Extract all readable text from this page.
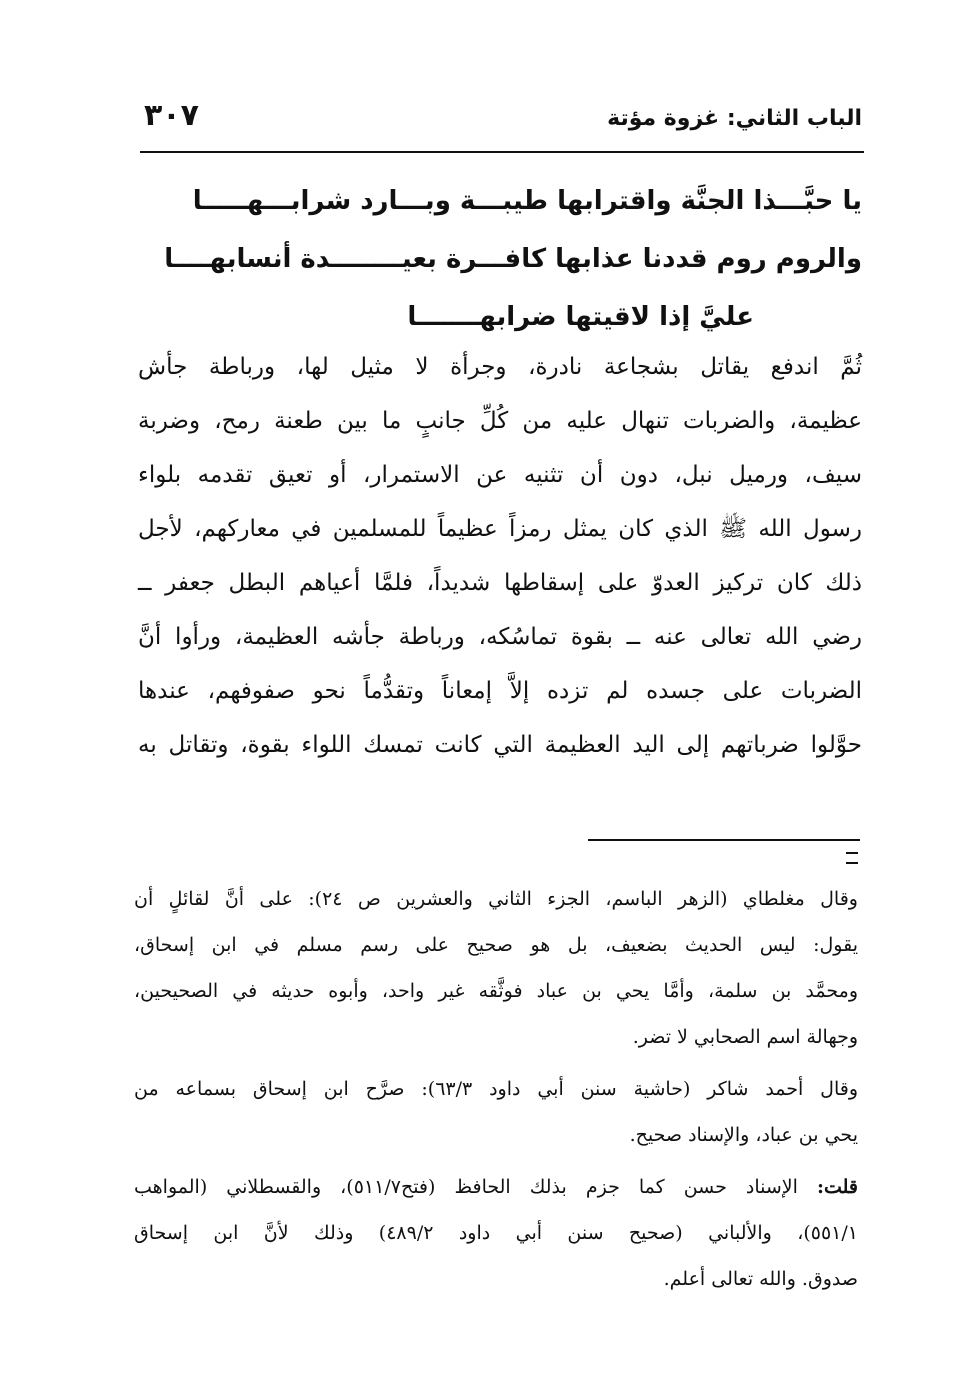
٣٠٧	الباب الثاني: غزوة مؤتة
يا حبَّـــذا الجنَّة واقترابها طيبـــة وبـــارد شرابـــهـــــا
والروم روم قددنا عذابها كافـــرة بعيــــــــدة أنسابهــــا
عليَّ إذا لاقيتها ضرابهـــــــا
ثُمَّ اندفع يقاتل بشجاعة نادرة، وجرأة لا مثيل لها، ورباطة جأش
عظيمة، والضربات تنهال عليه من كُلِّ جانبٍ ما بين طعنة رمح، وضربة
سيف، ورميل نبل، دون أن تثنيه عن الاستمرار، أو تعيق تقدمه بلواء
رسول الله ﷺ الذي كان يمثل رمزاً عظيماً للمسلمين في معاركهم، لأجل
ذلك كان تركيز العدوّ على إسقاطها شديداً، فلمَّا أعياهم البطل جعفر ــ
رضي الله تعالى عنه ــ بقوة تماسُكه، ورباطة جأشه العظيمة، ورأوا أنَّ
الضربات على جسده لم تزده إلاَّ إمعاناً وتقدُّماً نحو صفوفهم، عندها
حوَّلوا ضرباتهم إلى اليد العظيمة التي كانت تمسك اللواء بقوة، وتقاتل به
وقال مغلطاي (الزهر الباسم، الجزء الثاني والعشرين ص ٢٤): على أنَّ لقائلٍ أن
يقول: ليس الحديث بضعيف، بل هو صحيح على رسم مسلم في ابن إسحاق،
ومحمَّد بن سلمة، وأمَّا يحي بن عباد فوثَّقه غير واحد، وأبوه حديثه في الصحيحين،
وجهالة اسم الصحابي لا تضر.
وقال أحمد شاكر (حاشية سنن أبي داود ٦٣/٣): صرَّح ابن إسحاق بسماعه من
يحي بن عباد، والإسناد صحيح.
قلت: الإسناد حسن كما جزم بذلك الحافظ (فتح٥١١/٧)، والقسطلاني (المواهب
٥٥١/١)، والألباني (صحيح سنن أبي داود ٤٨٩/٢) وذلك لأنَّ ابن إسحاق
صدوق. والله تعالى أعلم.
